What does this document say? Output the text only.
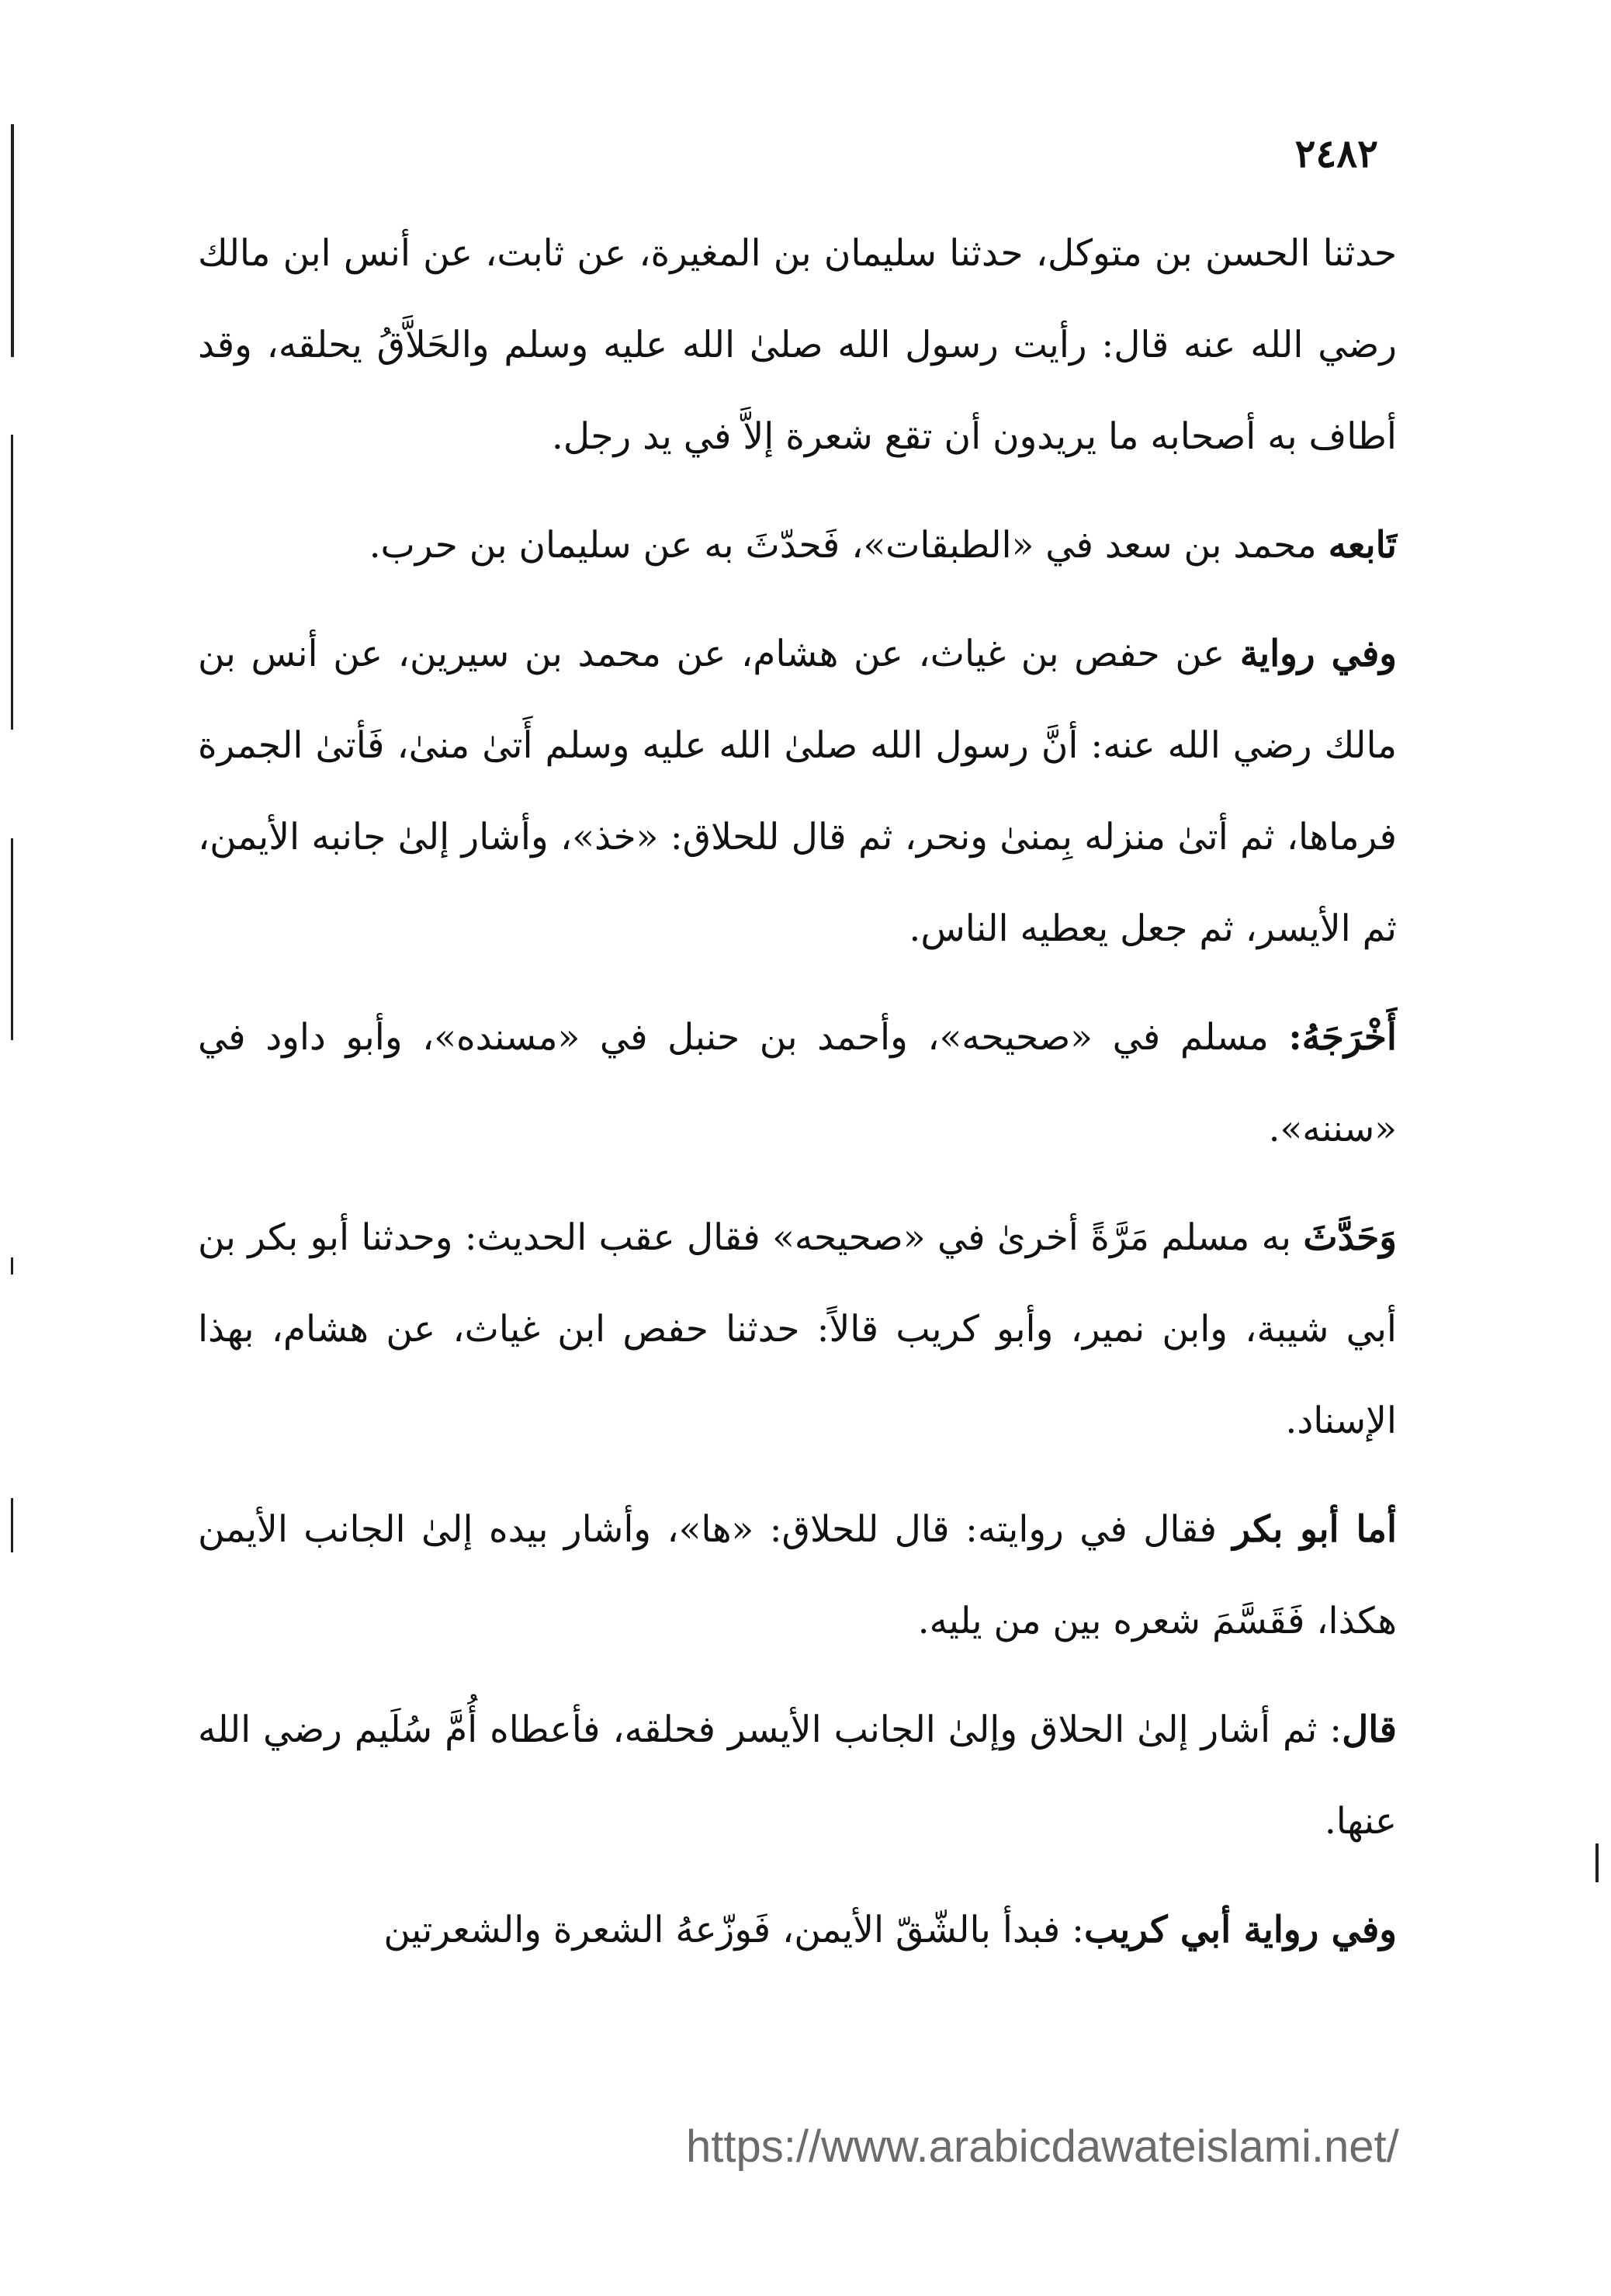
٢٤٨٢

حدثنا الحسن بن متوكل، حدثنا سليمان بن المغيرة، عن ثابت، عن أنس ابن مالك رضي الله عنه قال: رأيت رسول الله صلىٰ الله عليه وسلم والحَلاَّقُ يحلقه، وقد أطاف به أصحابه ما يريدون أن تقع شعرة إلاَّ في يد رجل.

تَابعه محمد بن سعد في «الطبقات»، فَحدّثَ به عن سليمان بن حرب.

وفي رواية عن حفص بن غياث، عن هشام، عن محمد بن سيرين، عن أنس بن مالك رضي الله عنه: أنَّ رسول الله صلىٰ الله عليه وسلم أَتىٰ منىٰ، فَأتىٰ الجمرة فرماها، ثم أتىٰ منزله بِمنىٰ ونحر، ثم قال للحلاق: «خذ»، وأشار إلىٰ جانبه الأيمن، ثم الأيسر، ثم جعل يعطيه الناس.

أَخْرَجَهُ: مسلم في «صحيحه»، وأحمد بن حنبل في «مسنده»، وأبو داود في «سننه».

وَحَدَّثَ به مسلم مَرَّةً أخرىٰ في «صحيحه» فقال عقب الحديث: وحدثنا أبو بكر بن أبي شيبة، وابن نمير، وأبو كريب قالاً: حدثنا حفص ابن غياث، عن هشام، بهذا الإسناد.

أما أبو بكر فقال في روايته: قال للحلاق: «ها»، وأشار بيده إلىٰ الجانب الأيمن هكذا، فَقَسَّمَ شعره بين من يليه.

قال: ثم أشار إلىٰ الحلاق وإلىٰ الجانب الأيسر فحلقه، فأعطاه أُمَّ سُلَيم رضي الله عنها.

وفي رواية أبي كريب: فبدأ بالشّقّ الأيمن، فَوزّعهُ الشعرة والشعرتين

https://www.arabicdawateislami.net/
